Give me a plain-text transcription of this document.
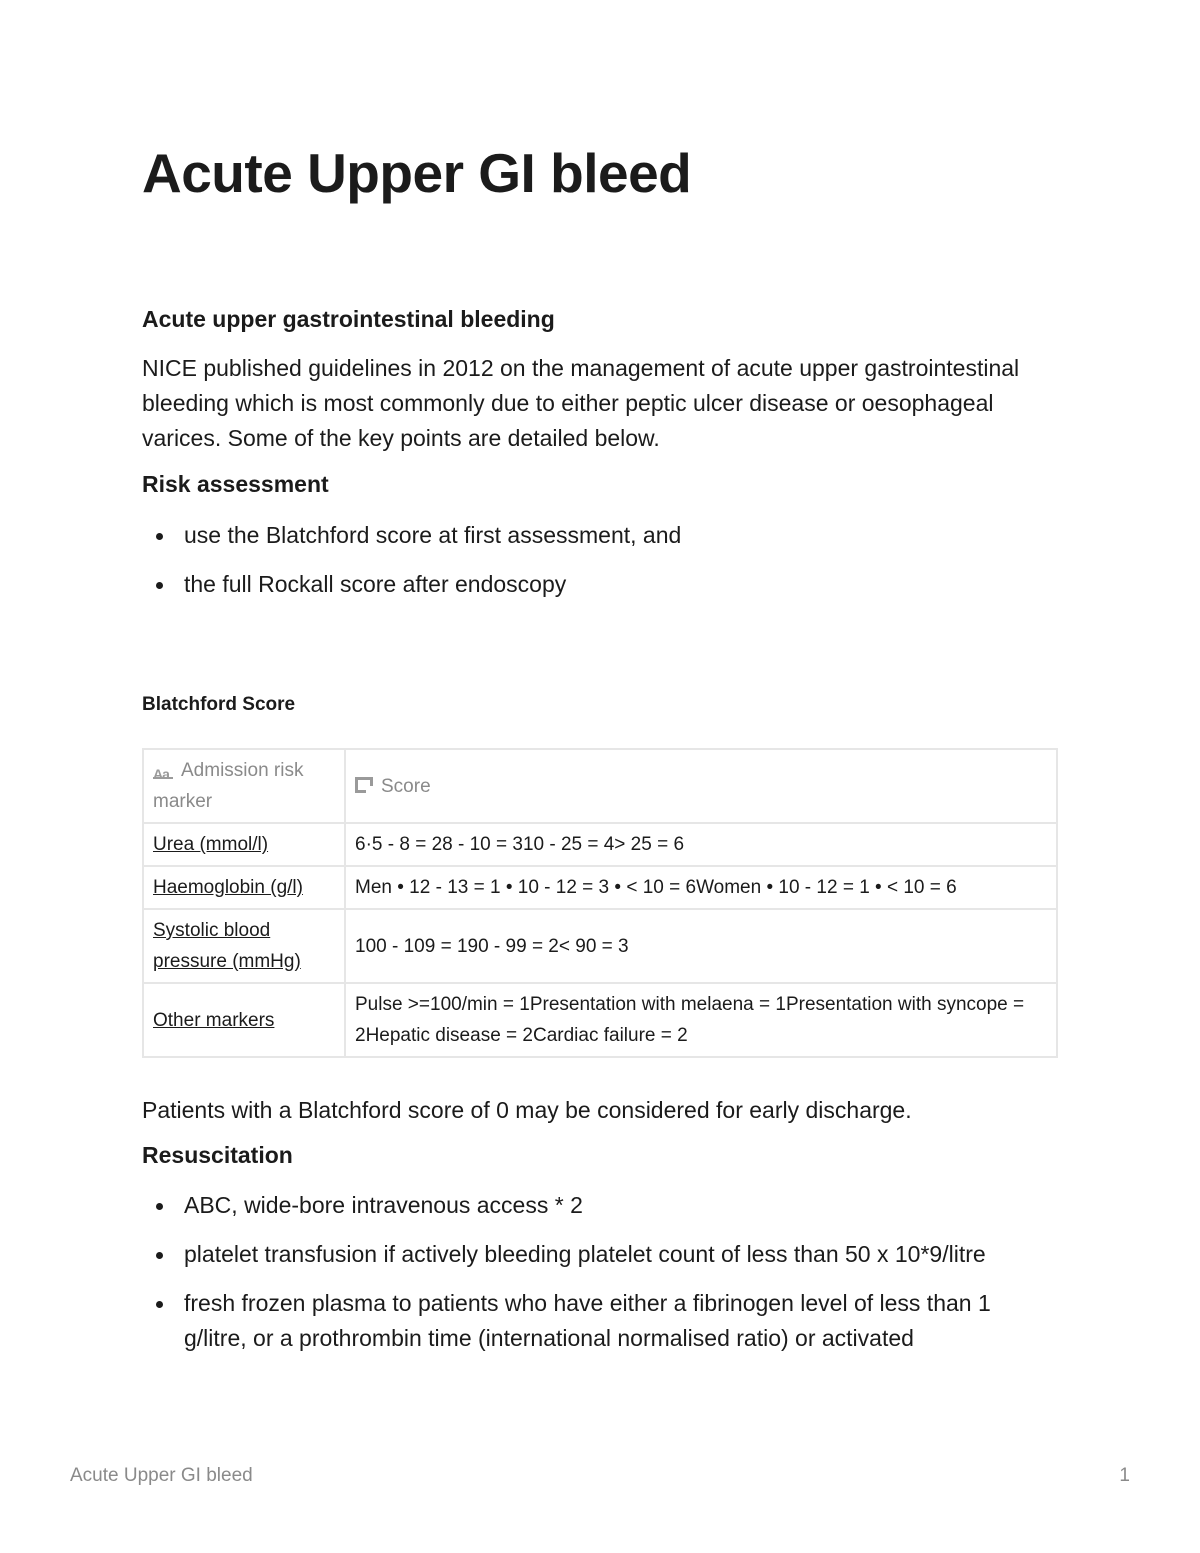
Acute Upper GI bleed

Acute upper gastrointestinal bleeding

NICE published guidelines in 2012 on the management of acute upper gastrointestinal bleeding which is most commonly due to either peptic ulcer disease or oesophageal varices. Some of the key points are detailed below.

Risk assessment

use the Blatchford score at first assessment, and
the full Rockall score after endoscopy

Blatchford Score

AaAdmission risk marker	Score
Urea (mmol/l)	6·5 - 8 = 28 - 10 = 310 - 25 = 4> 25 = 6
Haemoglobin (g/l)	Men • 12 - 13 = 1 • 10 - 12 = 3 • < 10 = 6Women • 10 - 12 = 1 • < 10 = 6
Systolic blood pressure (mmHg)	100 - 109 = 190 - 99 = 2< 90 = 3
Other markers	Pulse >=100/min = 1Presentation with melaena = 1Presentation with syncope = 2Hepatic disease = 2Cardiac failure = 2

Patients with a Blatchford score of 0 may be considered for early discharge.

Resuscitation

ABC, wide-bore intravenous access * 2
platelet transfusion if actively bleeding platelet count of less than 50 x 10*9/litre
fresh frozen plasma to patients who have either a fibrinogen level of less than 1 g/litre, or a prothrombin time (international normalised ratio) or activated
Acute Upper GI bleed	1
